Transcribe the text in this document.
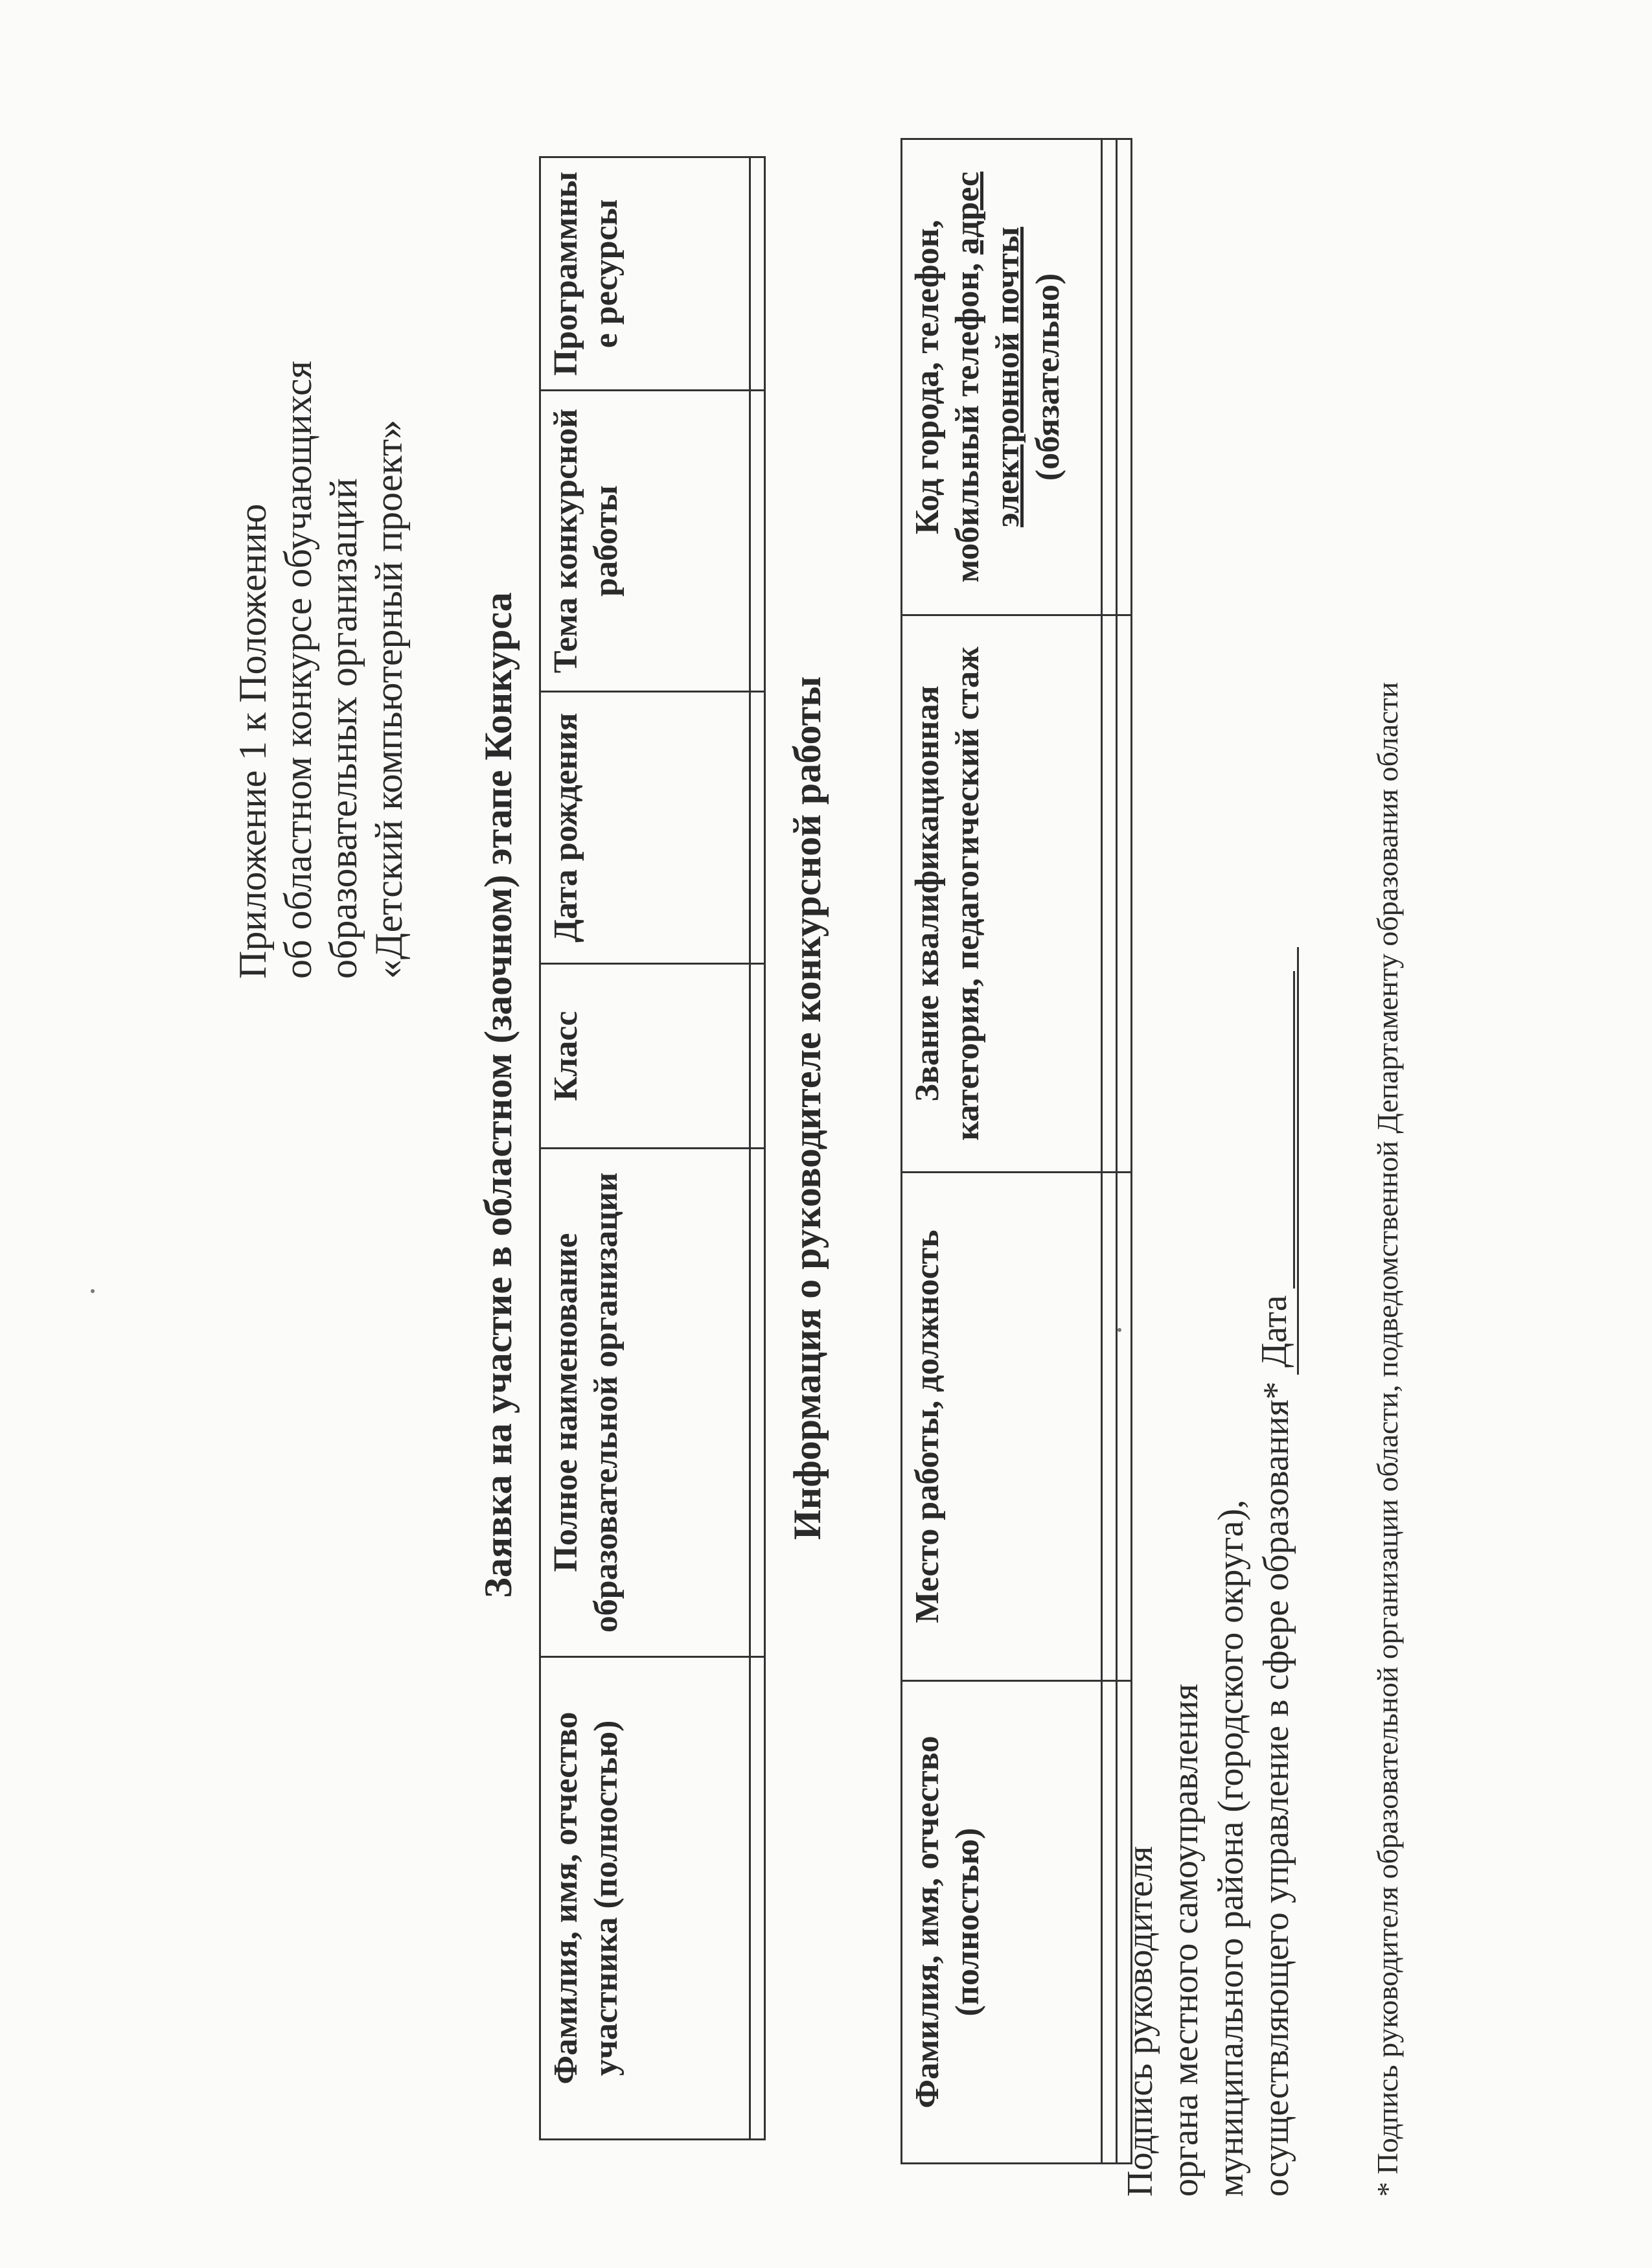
Приложение 1 к Положению об областном конкурсе обучающихся образовательных организаций «Детский компьютерный проект» Заявка на участие в областном (заочном) этапе Конкурса
Фамилия, имя, отчество участника (полностью)	Полное наименование образовательной организации	Класс	Дата рождения	Тема конкурсной работы	Программные ресурсы

Информация о руководителе конкурсной работы
Фамилия, имя, отчество (полностью)	Место работы, должность	Звание квалификационная категория, педагогический стаж	Код города, телефон, мобильный телефон, адрес электронной почты (обязательно)

Подпись руководителя органа местного самоуправления муниципального района (городского округа), осуществляющего управление в сфере образования*
Дата	* Подпись руководителя образовательной организации области, подведомственной Департаменту образования области
